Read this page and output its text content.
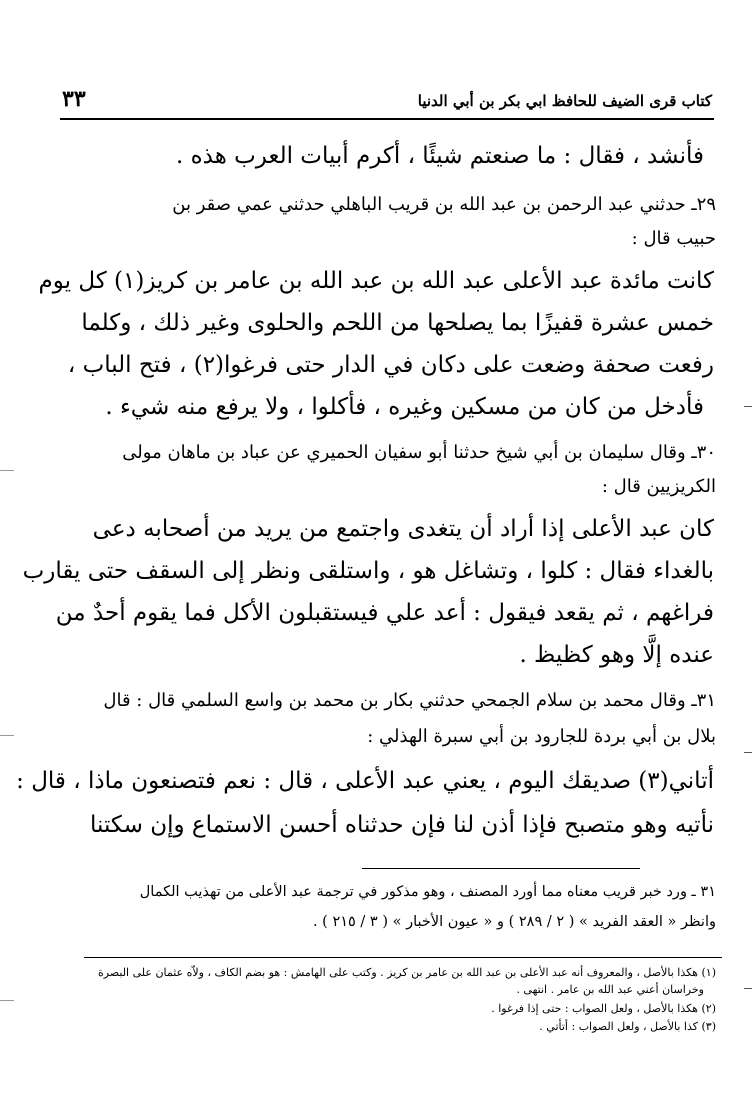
كتاب قرى الضيف للحافظ ابي بكر بن أبي الدنيا
٣٣
فأنشد ، فقال : ما صنعتم شيئًا ، أكرم أبيات العرب هذه .
٢٩ـ حدثني عبد الرحمن بن عبد الله بن قريب الباهلي حدثني عمي صقر بن
حبيب قال :
كانت مائدة عبد الأعلى عبد الله بن عبد الله بن عامر بن كريز(١) كل يوم
خمس عشرة قفيزًا بما يصلحها من اللحم والحلوى وغير ذلك ، وكلما
رفعت صحفة وضعت على دكان في الدار حتى فرغوا(٢) ، فتح الباب ،
فأدخل من كان من مسكين وغيره ، فأكلوا ، ولا يرفع منه شيء .
٣٠ـ وقال سليمان بن أبي شيخ حدثنا أبو سفيان الحميري عن عباد بن ماهان مولى
الكريزيين قال :
كان عبد الأعلى إذا أراد أن يتغدى واجتمع من يريد من أصحابه دعى
بالغداء فقال : كلوا ، وتشاغل هو ، واستلقى ونظر إلى السقف حتى يقارب
فراغهم ، ثم يقعد فيقول : أعد علي فيستقبلون الأكل فما يقوم أحدٌ من
عنده إلَّا وهو كظيظ .
٣١ـ وقال محمد بن سلام الجمحي حدثني بكار بن محمد بن واسع السلمي قال : قال
بلال بن أبي بردة للجارود بن أبي سبرة الهذلي :
أتاني(٣) صديقك اليوم ، يعني عبد الأعلى ، قال : نعم فتصنعون ماذا ، قال :
نأتيه وهو متصبح فإذا أذن لنا فإن حدثناه أحسن الاستماع وإن سكتنا
٣١ ـ ورد خبر قريب معناه مما أورد المصنف ، وهو مذكور في ترجمة عبد الأعلى من تهذيب الكمال
وانظر « العقد الفريد » ( ٢ / ٢٨٩ ) و « عيون الأخبار » ( ٣ / ٢١٥ ) .
(١) هكذا بالأصل ، والمعروف أنه عبد الأعلى بن عبد الله بن عامر بن كريز . وكتب على الهامش : هو بضم الكاف ، ولاّه عثمان على البصرة
وخراسان أعني عبد الله بن عامر . انتهى .
(٢) هكذا بالأصل ، ولعل الصواب : حتى إذا فرغوا .
(٣) كذا بالأصل ، ولعل الصواب : أتأتي .
